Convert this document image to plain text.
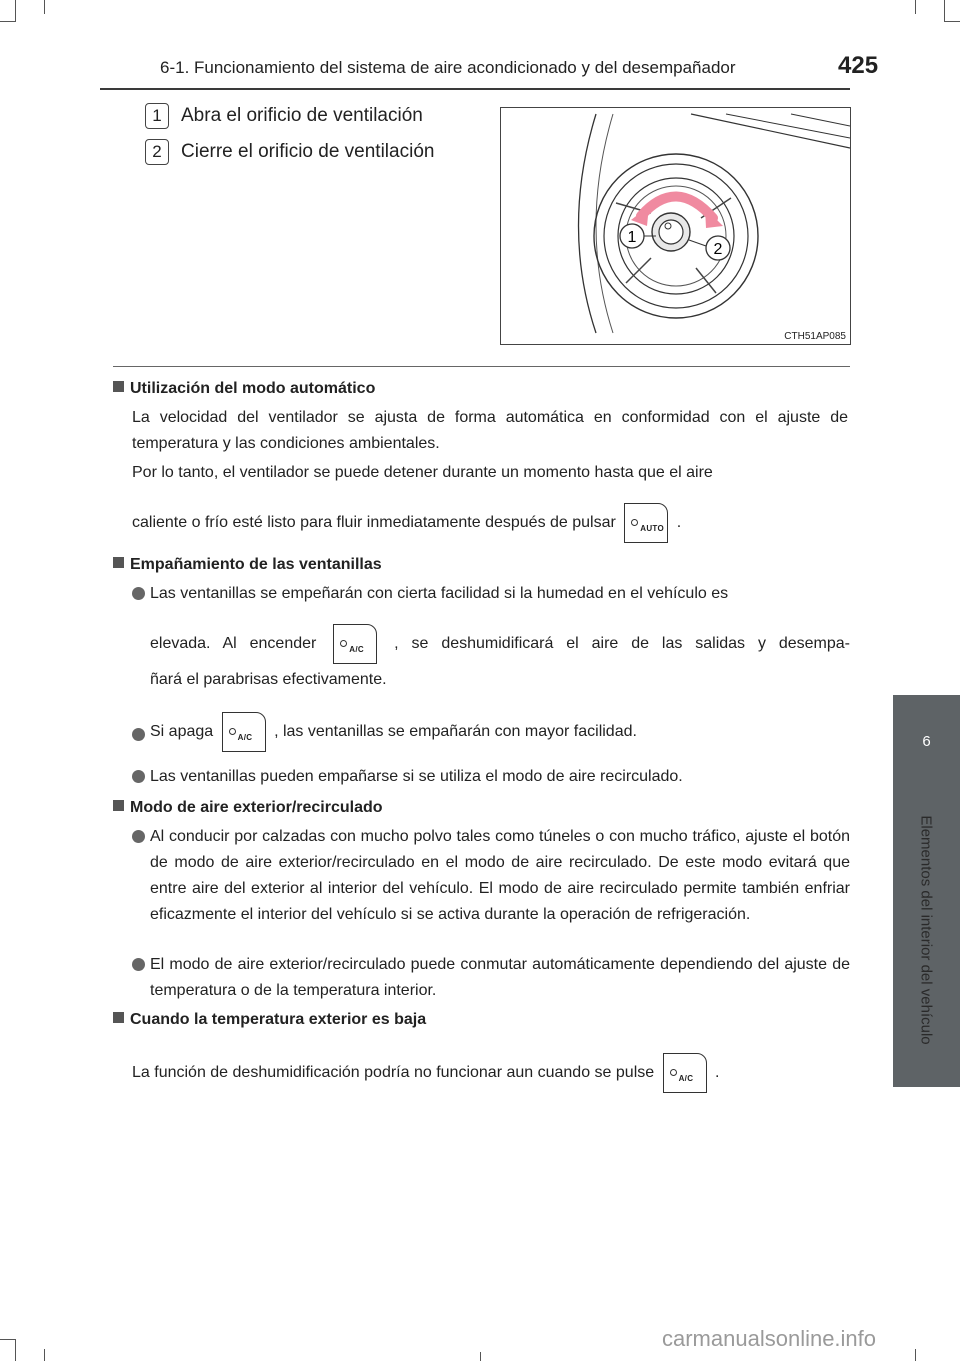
6-1. Funcionamiento del sistema de aire acondicionado y del desempañador	425
6
Elementos del interior del vehículo
1 Abra el orificio de ventilación
2 Cierre el orificio de ventilación
1
2
CTH51AP085
Utilización del modo automático
La velocidad del ventilador se ajusta de forma automática en conformidad con el ajuste de temperatura y las condiciones ambientales.
Por lo tanto, el ventilador se puede detener durante un momento hasta que el aire
caliente o frío esté listo para fluir inmediatamente después de pulsar	AUTO .
Empañamiento de las ventanillas
Las ventanillas se empeñarán con cierta facilidad si la humedad en el vehículo es
elevada. Al encender	A/C , se deshumidificará el aire de las salidas y desempa-
ñará el parabrisas efectivamente.
Si apaga	A/C , las ventanillas se empañarán con mayor facilidad.
Las ventanillas pueden empañarse si se utiliza el modo de aire recirculado.
Modo de aire exterior/recirculado
Al conducir por calzadas con mucho polvo tales como túneles o con mucho tráfico, ajuste el botón de modo de aire exterior/recirculado en el modo de aire recirculado. De este modo evitará que entre aire del exterior al interior del vehículo. El modo de aire recirculado permite también enfriar eficazmente el interior del vehículo si se activa durante la operación de refrigeración.
El modo de aire exterior/recirculado puede conmutar automáticamente dependiendo del ajuste de temperatura o de la temperatura interior.
Cuando la temperatura exterior es baja
La función de deshumidificación podría no funcionar aun cuando se pulse	A/C .
carmanualsonline.info
